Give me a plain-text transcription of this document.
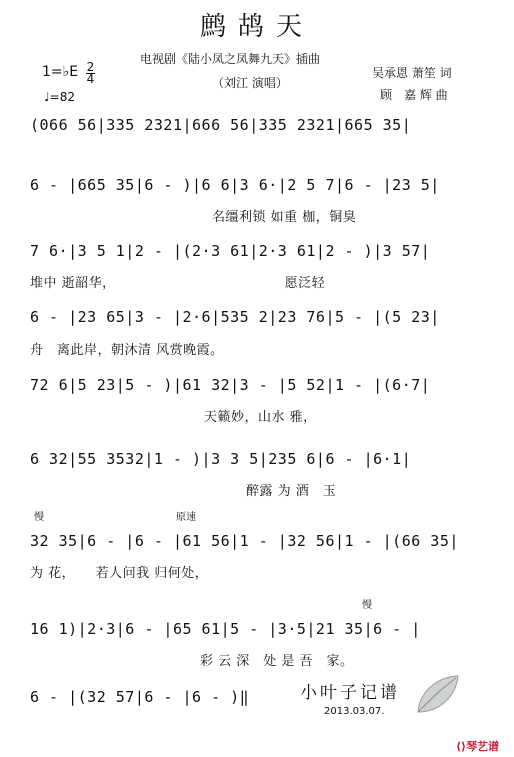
鹧鸪天
电视剧《陆小凤之凤舞九天》插曲
（刘江 演唱）
吴承恩 萧笙 词
顾　嘉 辉 曲
1=♭E 2
4
♩=82
(066 56|335 2321|666 56|335 2321|665 35|
6 - |665 35|6 - )|6 6|3 6·|2 5 7|6 - |23 5|
名缰利锁 如重 枷，铜臭
7 6·|3 5 1|2 - |(2·3 61|2·3 61|2 - )|3 57|
堆中 逝韶华，　　　　　　　　　　　　　愿泛轻
6 - |23 65|3 - |2·6|535 2|23 76|5 - |(5 23|
舟　离此岸，朝沐清 风赏晚霞。
72 6|5 23|5 - )|61 32|3 - |5 52|1 - |(6·7|
天籁妙，山水 雅，
6 32|55 3532|1 - )|3 3 5|235 6|6 - |6·1|
醉露 为 酒　玉
慢	原速
32 35|6 - |6 - |61 56|1 - |32 56|1 - |(66 35|
为 花，　　若人问我 归何处，
慢
16 1)|2·3|6 - |65 61|5 - |3·5|21 35|6 - |
彩 云 深　处 是 吾　家。
6 - |(32 57|6 - |6 - )‖	小叶子记谱
2013.03.07.
⟨⟩琴艺谱
